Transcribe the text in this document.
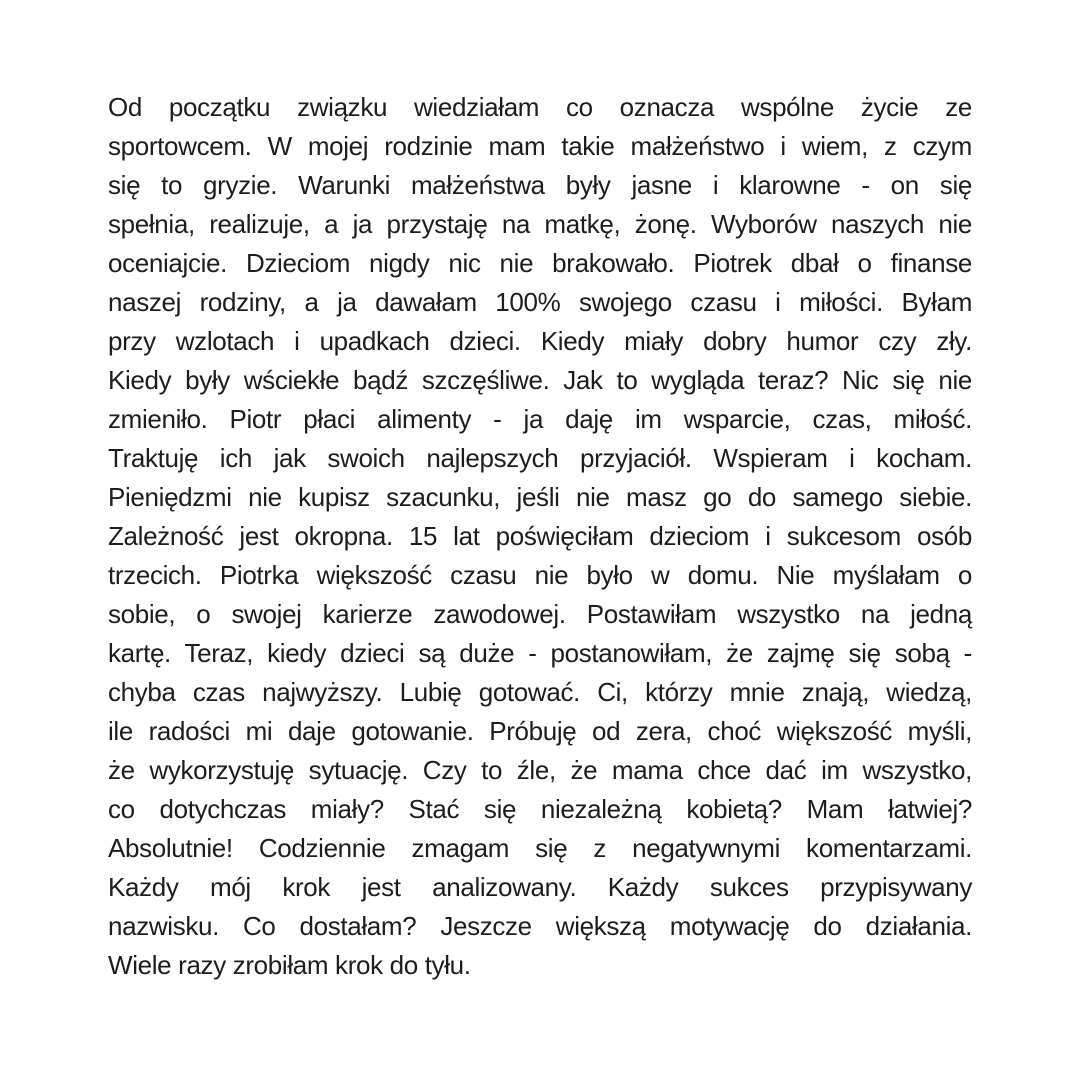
Od początku związku wiedziałam co oznacza wspólne życie ze
sportowcem. W mojej rodzinie mam takie małżeństwo i wiem, z czym
się to gryzie. Warunki małżeństwa były jasne i klarowne - on się
spełnia, realizuje, a ja przystaję na matkę, żonę. Wyborów naszych nie
oceniajcie. Dzieciom nigdy nic nie brakowało. Piotrek dbał o finanse
naszej rodziny, a ja dawałam 100% swojego czasu i miłości. Byłam
przy wzlotach i upadkach dzieci. Kiedy miały dobry humor czy zły.
Kiedy były wściekłe bądź szczęśliwe. Jak to wygląda teraz? Nic się nie
zmieniło. Piotr płaci alimenty - ja daję im wsparcie, czas, miłość.
Traktuję ich jak swoich najlepszych przyjaciół. Wspieram i kocham.
Pieniędzmi nie kupisz szacunku, jeśli nie masz go do samego siebie.
Zależność jest okropna. 15 lat poświęciłam dzieciom i sukcesom osób
trzecich. Piotrka większość czasu nie było w domu. Nie myślałam o
sobie, o swojej karierze zawodowej. Postawiłam wszystko na jedną
kartę. Teraz, kiedy dzieci są duże - postanowiłam, że zajmę się sobą -
chyba czas najwyższy. Lubię gotować. Ci, którzy mnie znają, wiedzą,
ile radości mi daje gotowanie. Próbuję od zera, choć większość myśli,
że wykorzystuję sytuację. Czy to źle, że mama chce dać im wszystko,
co dotychczas miały? Stać się niezależną kobietą? Mam łatwiej?
Absolutnie! Codziennie zmagam się z negatywnymi komentarzami.
Każdy mój krok jest analizowany. Każdy sukces przypisywany
nazwisku. Co dostałam? Jeszcze większą motywację do działania.
Wiele razy zrobiłam krok do tyłu.
